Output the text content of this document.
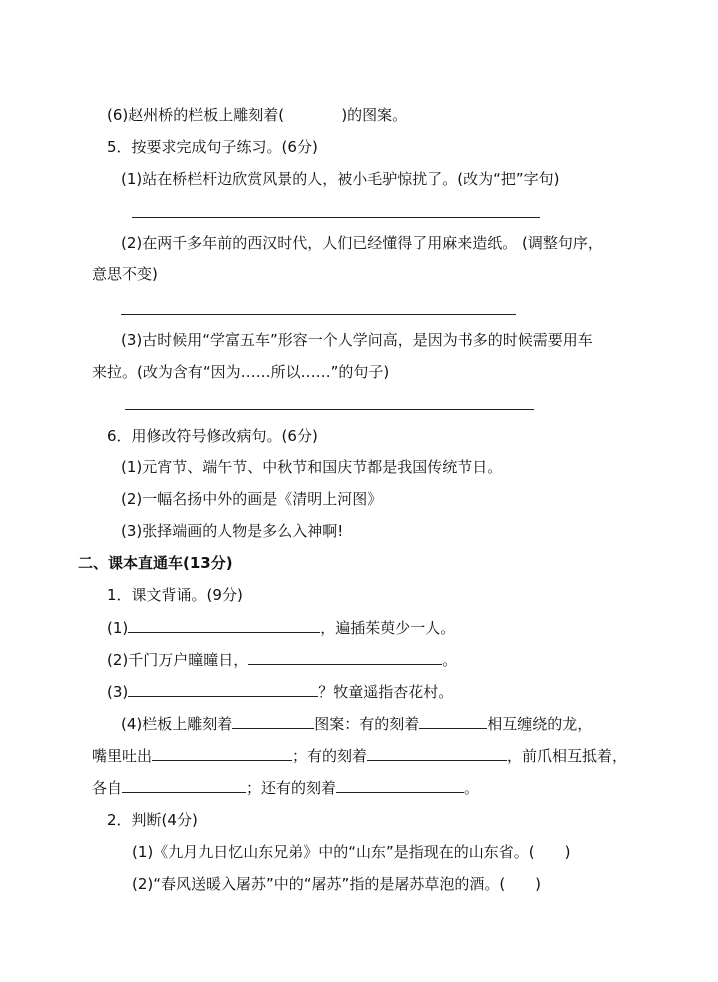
(6)赵州桥的栏板上雕刻着(	)的图案。
5．按要求完成句子练习。(6分)
(1)站在桥栏杆边欣赏风景的人，被小毛驴惊扰了。(改为“把”字句)
(2)在两千多年前的西汉时代，人们已经懂得了用麻来造纸。 (调整句序，
意思不变)
(3)古时候用“学富五车”形容一个人学问高，是因为书多的时候需要用车
来拉。(改为含有“因为……所以……”的句子)
6．用修改符号修改病句。(6分)
(1)元宵节、端午节、中秋节和国庆节都是我国传统节日。
(2)一幅名扬中外的画是《清明上河图》
(3)张择端画的人物是多么入神啊!
二、课本直通车(13分)
1．课文背诵。(9分)
(1)	，遍插茱萸少一人。
(2)千门万户曈曈日，	。
(3)	？牧童遥指杏花村。
(4)栏板上雕刻着	图案：有的刻着	相互缠绕的龙，
嘴里吐出	；有的刻着	，前爪相互抵着，
各自	；还有的刻着	。
2．判断(4分)
(1)《九月九日忆山东兄弟》中的“山东”是指现在的山东省。(　　)
(2)“春风送暖入屠苏”中的“屠苏”指的是屠苏草泡的酒。(　　)
